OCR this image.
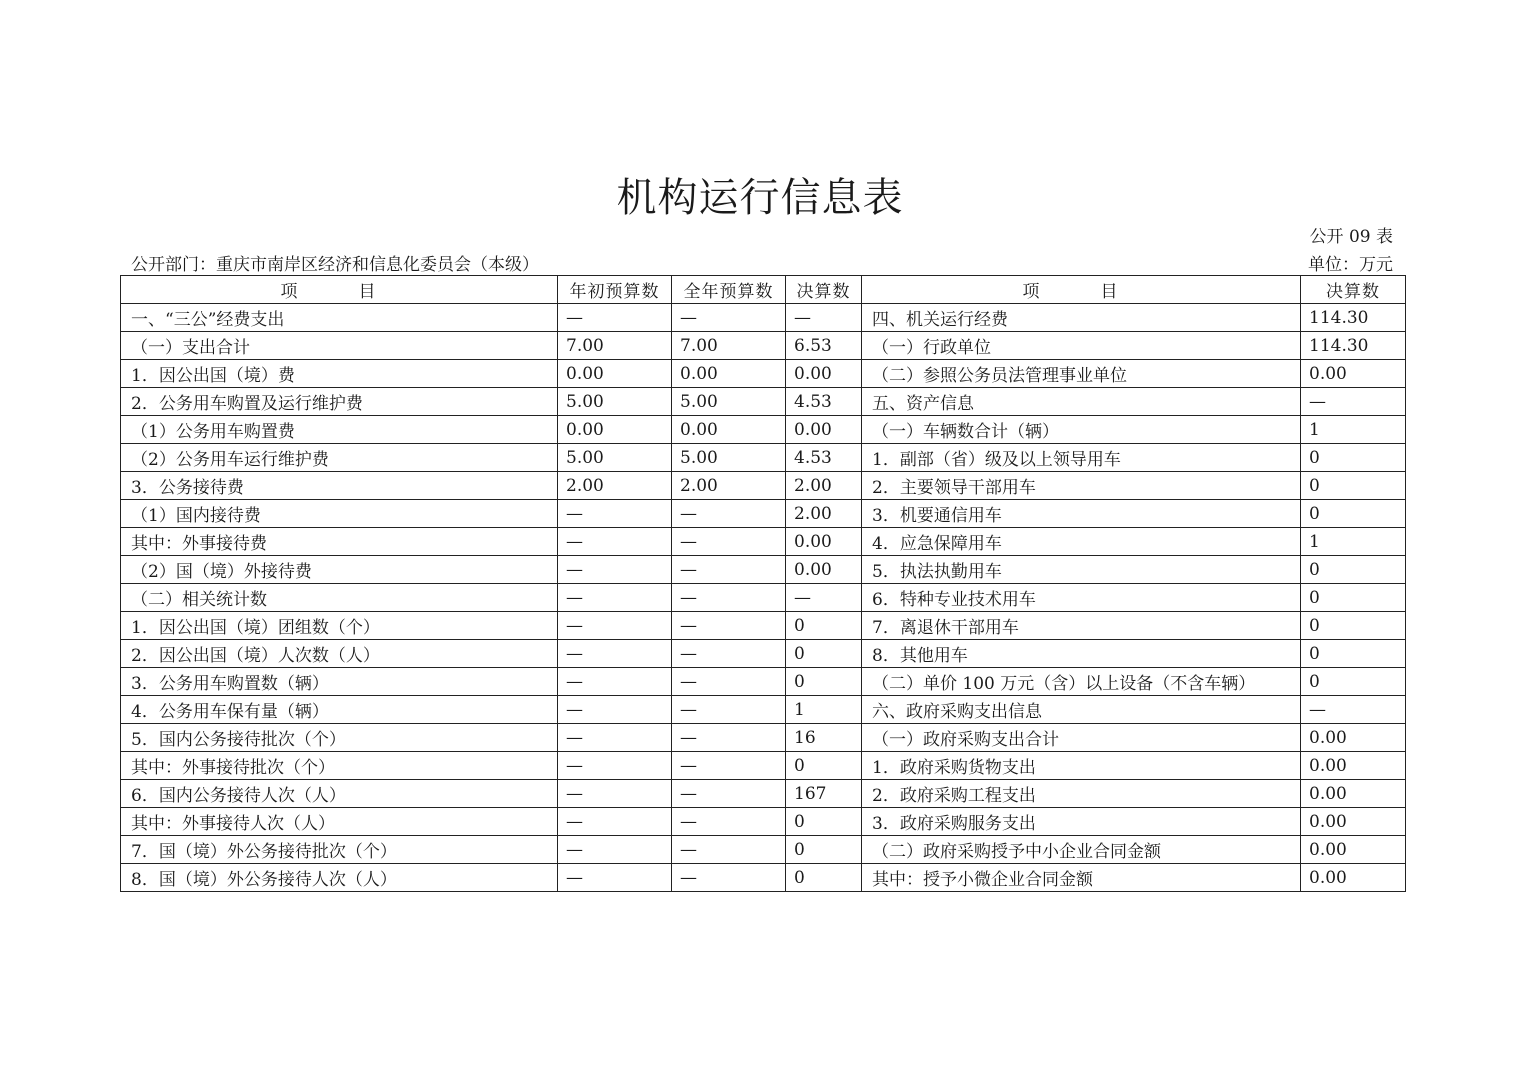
机构运行信息表
公开 09 表
公开部门：重庆市南岸区经济和信息化委员会（本级）	单位：万元
项　目	年初预算数	全年预算数	决算数	项　目	决算数
一、“三公”经费支出	—	—	—	四、机关运行经费	114.30
（一）支出合计	7.00	7.00	6.53	（一）行政单位	114.30
1．因公出国（境）费	0.00	0.00	0.00	（二）参照公务员法管理事业单位	0.00
2．公务用车购置及运行维护费	5.00	5.00	4.53	五、资产信息	—
（1）公务用车购置费	0.00	0.00	0.00	（一）车辆数合计（辆）	1
（2）公务用车运行维护费	5.00	5.00	4.53	1．副部（省）级及以上领导用车	0
3．公务接待费	2.00	2.00	2.00	2．主要领导干部用车	0
（1）国内接待费	—	—	2.00	3．机要通信用车	0
其中：外事接待费	—	—	0.00	4．应急保障用车	1
（2）国（境）外接待费	—	—	0.00	5．执法执勤用车	0
（二）相关统计数	—	—	—	6．特种专业技术用车	0
1．因公出国（境）团组数（个）	—	—	0	7．离退休干部用车	0
2．因公出国（境）人次数（人）	—	—	0	8．其他用车	0
3．公务用车购置数（辆）	—	—	0	（二）单价 100 万元（含）以上设备（不含车辆）	0
4．公务用车保有量（辆）	—	—	1	六、政府采购支出信息	—
5．国内公务接待批次（个）	—	—	16	（一）政府采购支出合计	0.00
其中：外事接待批次（个）	—	—	0	1．政府采购货物支出	0.00
6．国内公务接待人次（人）	—	—	167	2．政府采购工程支出	0.00
其中：外事接待人次（人）	—	—	0	3．政府采购服务支出	0.00
7．国（境）外公务接待批次（个）	—	—	0	（二）政府采购授予中小企业合同金额	0.00
8．国（境）外公务接待人次（人）	—	—	0	其中：授予小微企业合同金额	0.00
